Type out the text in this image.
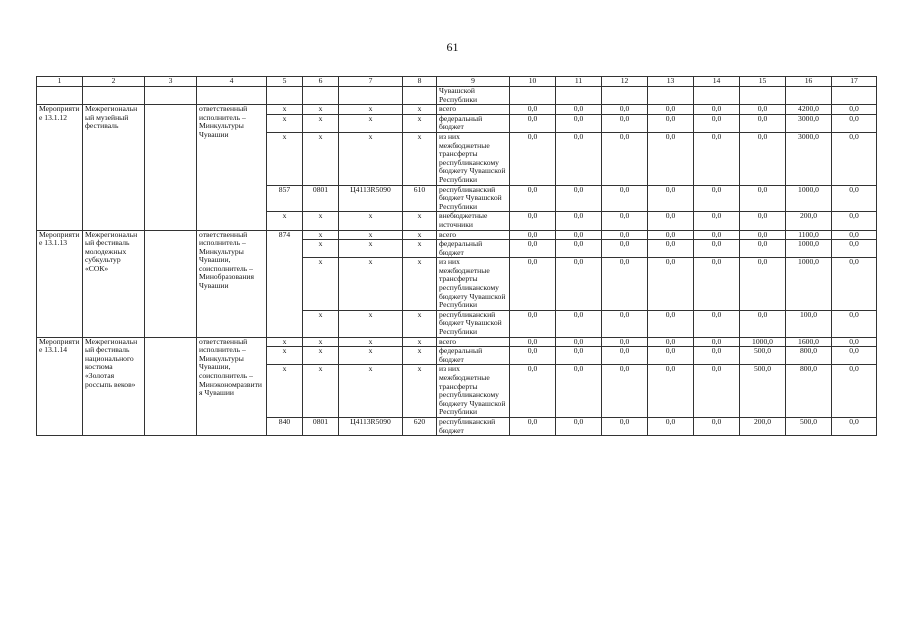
61
1	2	3	4	5	6	7	8	9	10	11	12	13	14	15	16	17
								Чувашской Республики								
Мероприятие 13.1.12	Межрегиональный музейный фестиваль		ответственный исполнитель – Минкультуры Чувашии	x	x	x	x	всего	0,0	0,0	0,0	0,0	0,0	0,0	4200,0	0,0
				x	x	x	x	федеральный бюджет	0,0	0,0	0,0	0,0	0,0	0,0	3000,0	0,0
				x	x	x	x	из них межбюджетные трансферты республиканскому бюджету Чувашской Республики	0,0	0,0	0,0	0,0	0,0	0,0	3000,0	0,0
				857	0801	Ц4113R5090	610	республиканский бюджет Чувашской Республики	0,0	0,0	0,0	0,0	0,0	0,0	1000,0	0,0
				x	x	x	x	внебюджетные источники	0,0	0,0	0,0	0,0	0,0	0,0	200,0	0,0
Мероприятие 13.1.13	Межрегиональный фестиваль молодежных субкультур «СОК»		ответственный исполнитель – Минкультуры Чувашии, соисполнитель – Минобразования Чувашии	874	x	x	x	всего	0,0	0,0	0,0	0,0	0,0	0,0	1100,0	0,0
					x	x	x	федеральный бюджет	0,0	0,0	0,0	0,0	0,0	0,0	1000,0	0,0
					x	x	x	из них межбюджетные трансферты республиканскому бюджету Чувашской Республики	0,0	0,0	0,0	0,0	0,0	0,0	1000,0	0,0
					x	x	x	республиканский бюджет Чувашской Республики	0,0	0,0	0,0	0,0	0,0	0,0	100,0	0,0
Мероприятие 13.1.14	Межрегиональный фестиваль национального костюма «Золотая россыпь веков»		ответственный исполнитель – Минкультуры Чувашии, соисполнитель – Минэкономразвития Чувашии	x	x	x	x	всего	0,0	0,0	0,0	0,0	0,0	1000,0	1600,0	0,0
				x	x	x	x	федеральный бюджет	0,0	0,0	0,0	0,0	0,0	500,0	800,0	0,0
				x	x	x	x	из них межбюджетные трансферты республиканскому бюджету Чувашской Республики	0,0	0,0	0,0	0,0	0,0	500,0	800,0	0,0
				840	0801	Ц4113R5090	620	республиканский бюджет	0,0	0,0	0,0	0,0	0,0	200,0	500,0	0,0
